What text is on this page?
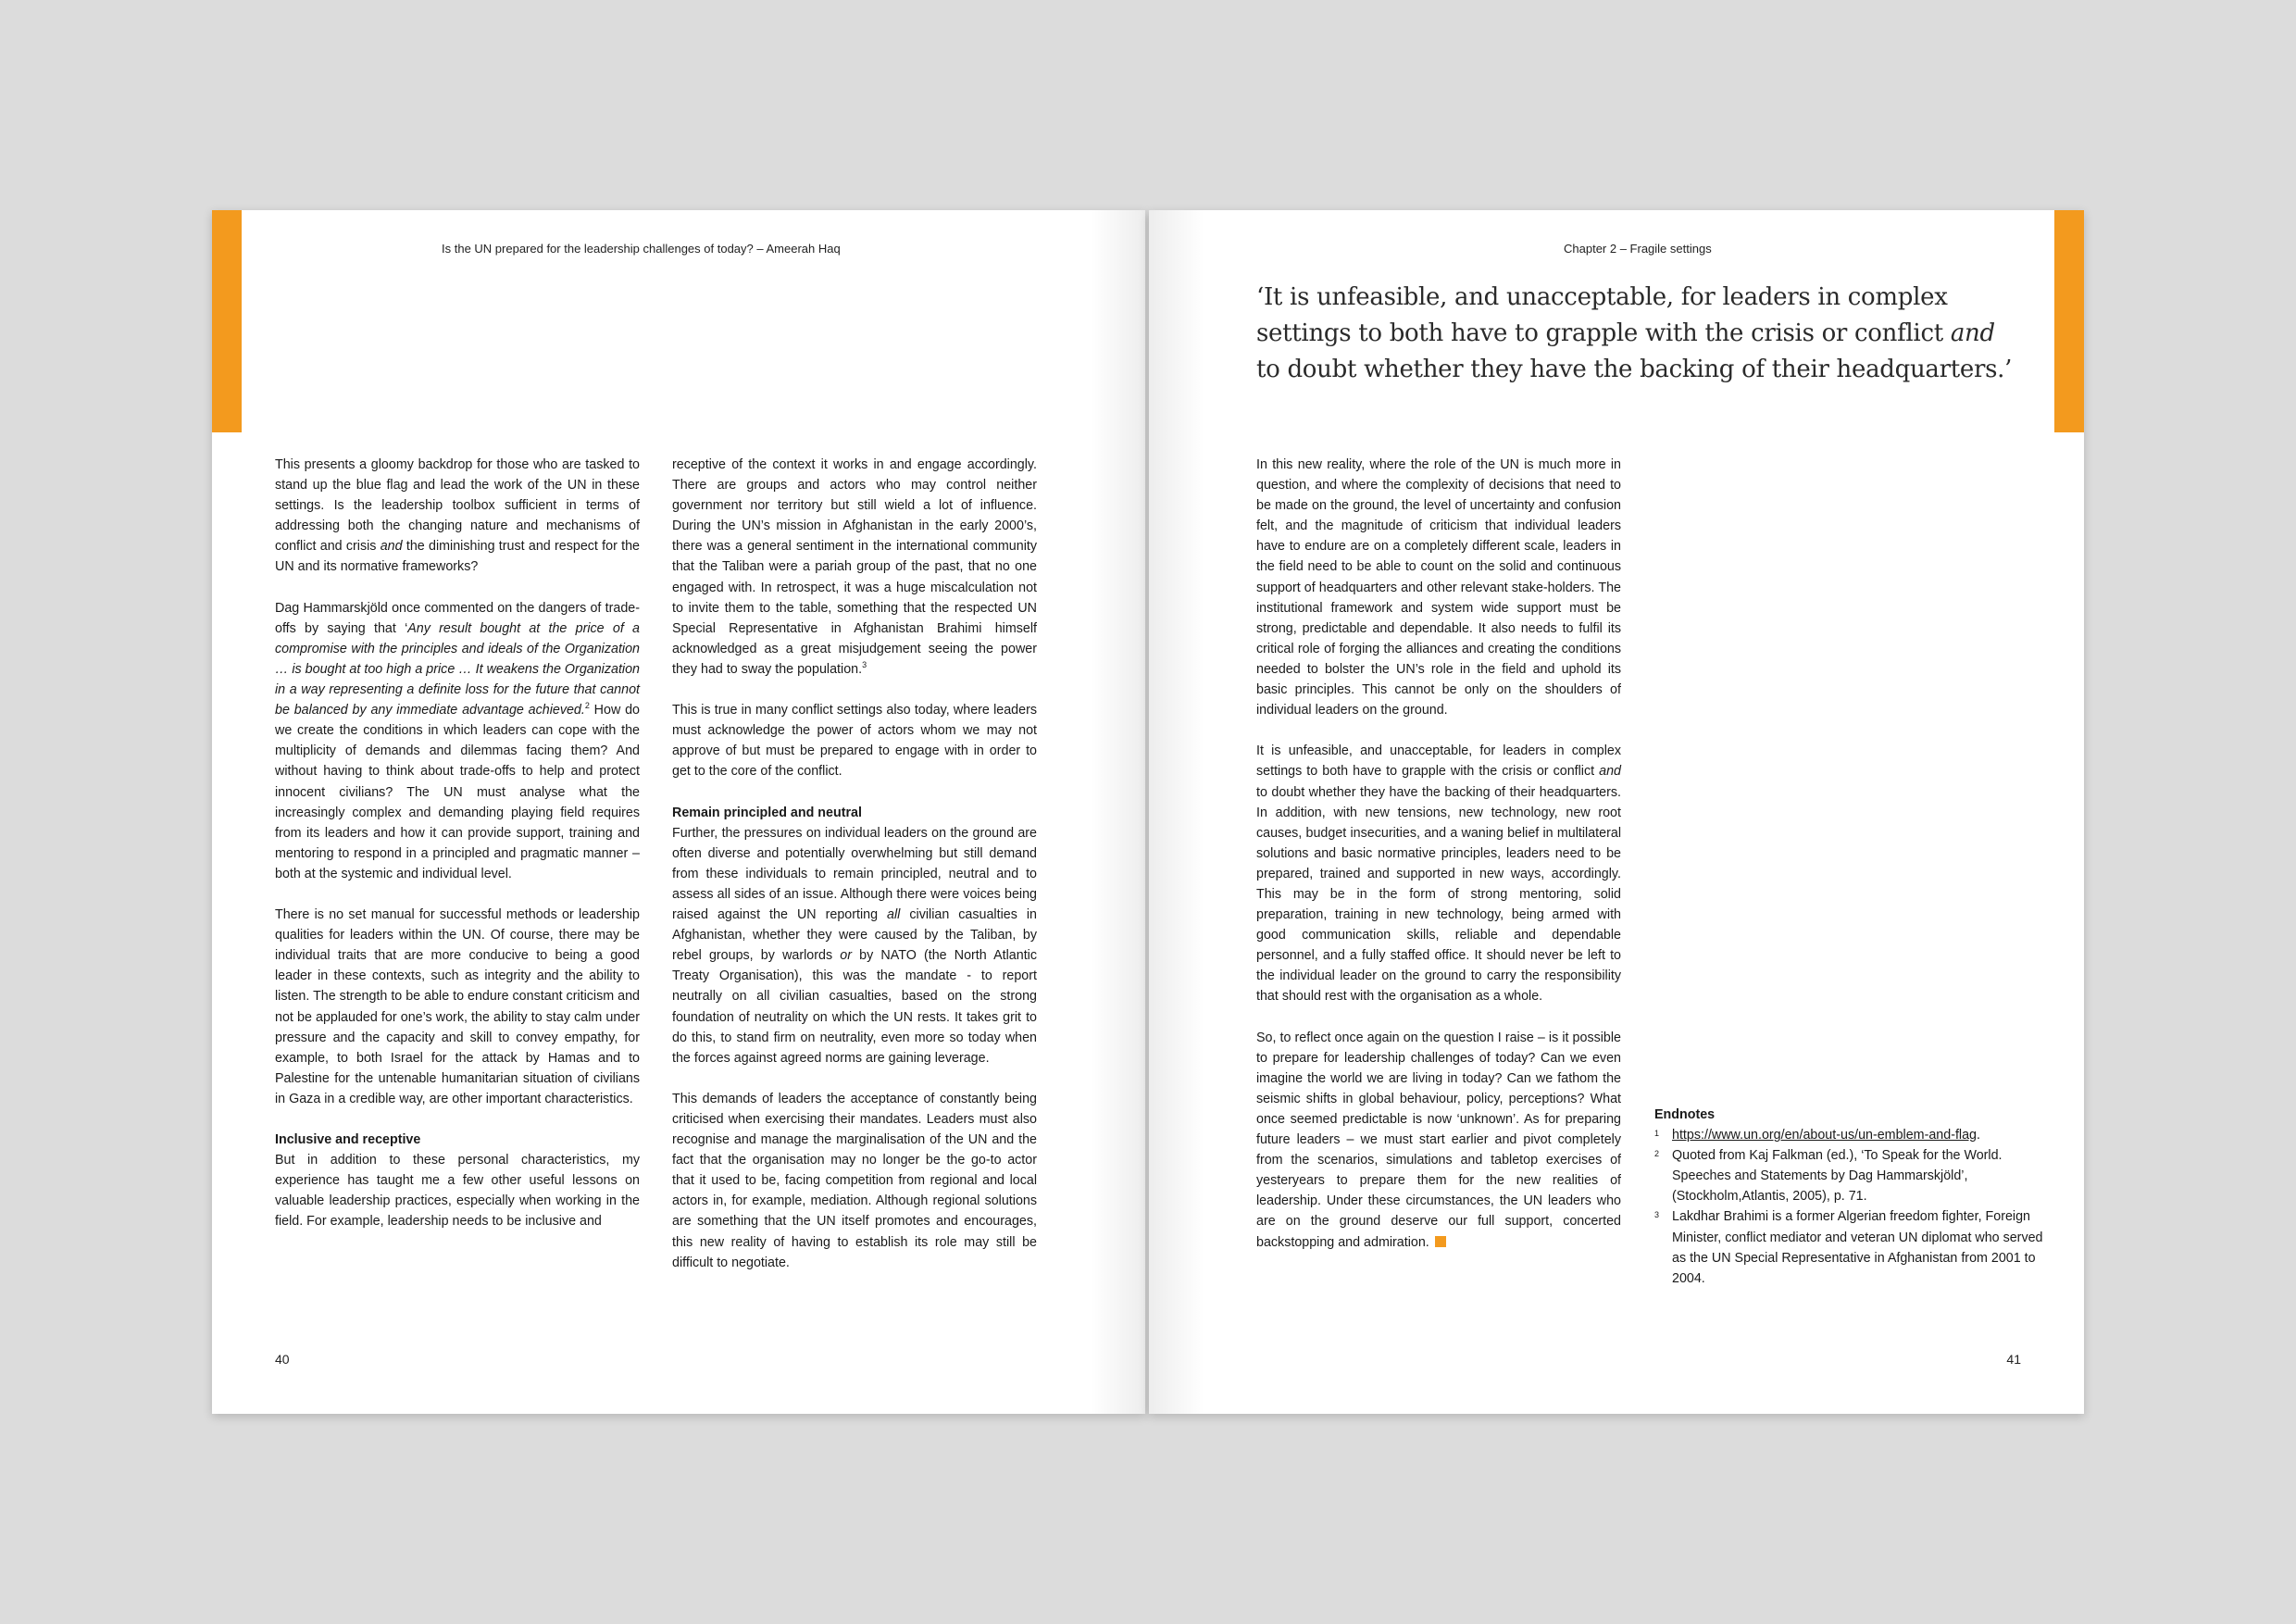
Is the UN prepared for the leadership challenges of today? – Ameerah Haq

This presents a gloomy backdrop for those who are tasked to stand up the blue flag and lead the work of the UN in these settings. Is the leadership toolbox sufficient in terms of addressing both the changing nature and mechanisms of conflict and crisis and the diminishing trust and respect for the UN and its normative frameworks?

Dag Hammarskjöld once commented on the dangers of trade-offs by saying that ‘Any result bought at the price of a compromise with the principles and ideals of the Organization … is bought at too high a price … It weakens the Organization in a way representing a definite loss for the future that cannot be balanced by any immediate advantage achieved.$^2$ How do we create the conditions in which leaders can cope with the multiplicity of demands and dilemmas facing them? And without having to think about trade-offs to help and protect innocent civilians? The UN must analyse what the increasingly complex and demanding playing field requires from its leaders and how it can provide support, training and mentoring to respond in a principled and pragmatic manner – both at the systemic and individual level.

There is no set manual for successful methods or leadership qualities for leaders within the UN. Of course, there may be individual traits that are more conducive to being a good leader in these contexts, such as integrity and the ability to listen. The strength to be able to endure constant criticism and not be applauded for one’s work, the ability to stay calm under pressure and the capacity and skill to convey empathy, for example, to both Israel for the attack by Hamas and to Palestine for the untenable humanitarian situation of civilians in Gaza in a credible way, are other important characteristics.

Inclusive and receptive

But in addition to these personal characteristics, my experience has taught me a few other useful lessons on valuable leadership practices, especially when working in the field. For example, leadership needs to be inclusive and

receptive of the context it works in and engage accordingly. There are groups and actors who may control neither government nor territory but still wield a lot of influence. During the UN’s mission in Afghanistan in the early 2000’s, there was a general sentiment in the international community that the Taliban were a pariah group of the past, that no one engaged with. In retrospect, it was a huge miscalculation not to invite them to the table, something that the respected UN Special Representative in Afghanistan Brahimi himself acknowledged as a great misjudgement seeing the power they had to sway the population.$^3$

This is true in many conflict settings also today, where leaders must acknowledge the power of actors whom we may not approve of but must be prepared to engage with in order to get to the core of the conflict.

Remain principled and neutral

Further, the pressures on individual leaders on the ground are often diverse and potentially overwhelming but still demand from these individuals to remain principled, neutral and to assess all sides of an issue. Although there were voices being raised against the UN reporting all civilian casualties in Afghanistan, whether they were caused by the Taliban, by rebel groups, by warlords or by NATO (the North Atlantic Treaty Organisation), this was the mandate - to report neutrally on all civilian casualties, based on the strong foundation of neutrality on which the UN rests. It takes grit to do this, to stand firm on neutrality, even more so today when the forces against agreed norms are gaining leverage.

This demands of leaders the acceptance of constantly being criticised when exercising their mandates. Leaders must also recognise and manage the marginalisation of the UN and the fact that the organisation may no longer be the go-to actor that it used to be, facing competition from regional and local actors in, for example, mediation. Although regional solutions are something that the UN itself promotes and encourages, this new reality of having to establish its role may still be difficult to negotiate.

40
Chapter 2 – Fragile settings
‘It is unfeasible, and unacceptable, for leaders in complex settings to both have to grapple with the crisis or conflict and to doubt whether they have the backing of their headquarters.’

In this new reality, where the role of the UN is much more in question, and where the complexity of decisions that need to be made on the ground, the level of uncertainty and confusion felt, and the magnitude of criticism that individual leaders have to endure are on a completely different scale, leaders in the field need to be able to count on the solid and continuous support of headquarters and other relevant stake-holders. The institutional framework and system wide support must be strong, predictable and dependable. It also needs to fulfil its critical role of forging the alliances and creating the conditions needed to bolster the UN’s role in the field and uphold its basic principles. This cannot be only on the shoulders of individual leaders on the ground.

It is unfeasible, and unacceptable, for leaders in complex settings to both have to grapple with the crisis or conflict and to doubt whether they have the backing of their headquarters. In addition, with new tensions, new technology, new root causes, budget insecurities, and a waning belief in multilateral solutions and basic normative principles, leaders need to be prepared, trained and supported in new ways, accordingly. This may be in the form of strong mentoring, solid preparation, training in new technology, being armed with good communication skills, reliable and dependable personnel, and a fully staffed office. It should never be left to the individual leader on the ground to carry the responsibility that should rest with the organisation as a whole.

So, to reflect once again on the question I raise – is it possible to prepare for leadership challenges of today? Can we even imagine the world we are living in today? Can we fathom the seismic shifts in global behaviour, policy, perceptions? What once seemed predictable is now ‘unknown’. As for preparing future leaders – we must start earlier and pivot completely from the scenarios, simulations and tabletop exercises of yesteryears to prepare them for the new realities of leadership. Under these circumstances, the UN leaders who are on the ground deserve our full support, concerted backstopping and admiration.

Endnotes
1 https://www.un.org/en/about-us/un-emblem-and-flag.
2 Quoted from Kaj Falkman (ed.), ‘To Speak for the World. Speeches and Statements by Dag Hammarskjöld’, (Stockholm,Atlantis, 2005), p. 71.
3 Lakdhar Brahimi is a former Algerian freedom fighter, Foreign Minister, conflict mediator and veteran UN diplomat who served as the UN Special Representative in Afghanistan from 2001 to 2004.
41
